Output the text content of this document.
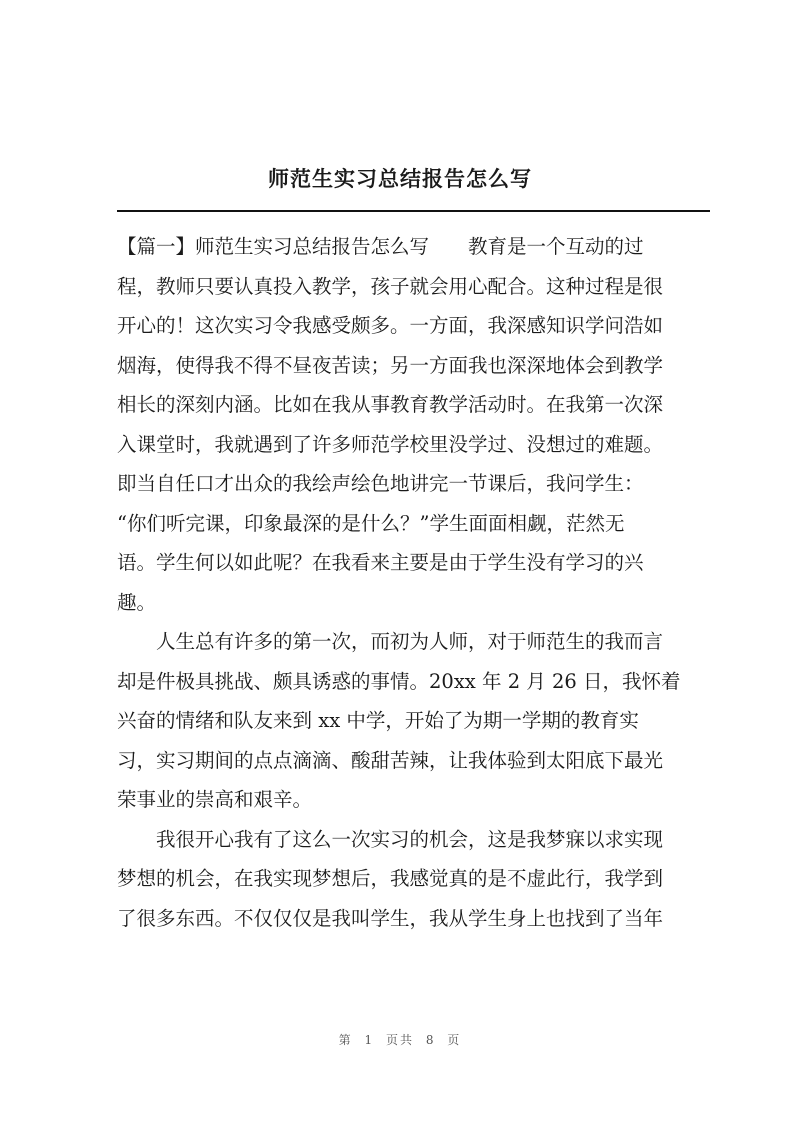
师范生实习总结报告怎么写

【篇一】师范生实习总结报告怎么写　　教育是一个互动的过
程，教师只要认真投入教学，孩子就会用心配合。这种过程是很
开心的！这次实习令我感受颇多。一方面，我深感知识学问浩如
烟海，使得我不得不昼夜苦读；另一方面我也深深地体会到教学
相长的深刻内涵。比如在我从事教育教学活动时。在我第一次深
入课堂时，我就遇到了许多师范学校里没学过、没想过的难题。
即当自任口才出众的我绘声绘色地讲完一节课后，我问学生：
“你们听完课，印象最深的是什么？”学生面面相觑，茫然无
语。学生何以如此呢？在我看来主要是由于学生没有学习的兴
趣。

　　人生总有许多的第一次，而初为人师，对于师范生的我而言
却是件极具挑战、颇具诱惑的事情。20xx 年 2 月 26 日，我怀着
兴奋的情绪和队友来到 xx 中学，开始了为期一学期的教育实
习，实习期间的点点滴滴、酸甜苦辣，让我体验到太阳底下最光
荣事业的崇高和艰辛。

　　我很开心我有了这么一次实习的机会，这是我梦寐以求实现
梦想的机会，在我实现梦想后，我感觉真的是不虚此行，我学到
了很多东西。不仅仅仅是我叫学生，我从学生身上也找到了当年

第 1 页共 8 页
